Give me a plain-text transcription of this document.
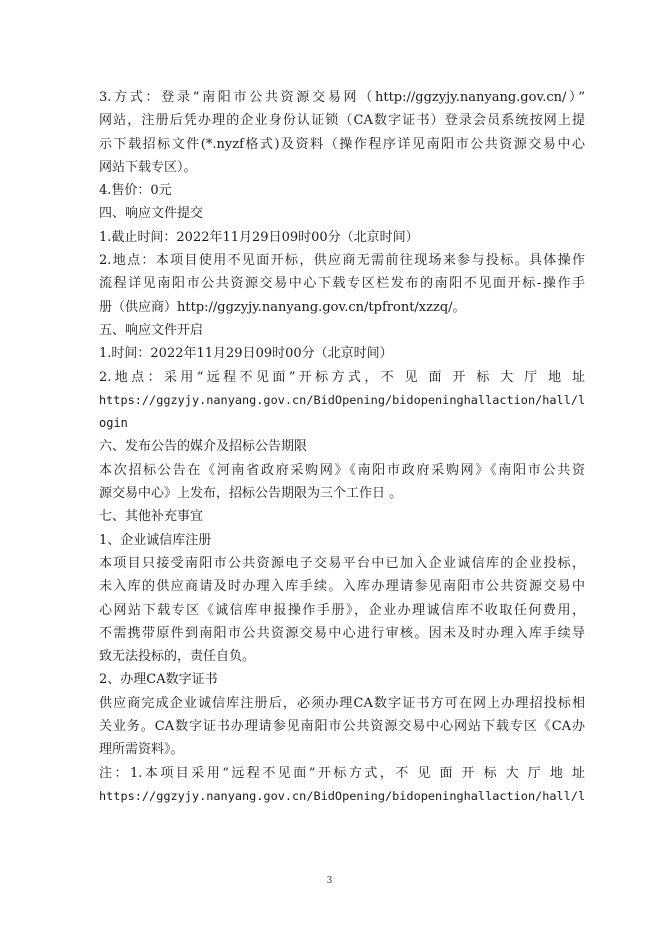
3.方式：登录“南阳市公共资源交易网（http://ggzyjy.nanyang.gov.cn/）”
网站，注册后凭办理的企业身份认证锁（CA数字证书）登录会员系统按网上提
示下载招标文件(*.nyzf格式)及资料（操作程序详见南阳市公共资源交易中心
网站下载专区）。
4.售价：0元
四、响应文件提交
1.截止时间：2022年11月29日09时00分（北京时间）
2.地点：本项目使用不见面开标，供应商无需前往现场来参与投标。具体操作
流程详见南阳市公共资源交易中心下载专区栏发布的南阳不见面开标-操作手
册（供应商）http://ggzyjy.nanyang.gov.cn/tpfront/xzzq/。
五、响应文件开启
1.时间：2022年11月29日09时00分（北京时间）
2.地点：采用“远程不见面”开标方式，不 见 面 开 标 大 厅 地 址
https://ggzyjy.nanyang.gov.cn/BidOpening/bidopeninghallaction/hall/l
ogin
六、发布公告的媒介及招标公告期限
本次招标公告在《河南省政府采购网》《南阳市政府采购网》《南阳市公共资
源交易中心》上发布，招标公告期限为三个工作日 。
七、其他补充事宜
1、企业诚信库注册
本项目只接受南阳市公共资源电子交易平台中已加入企业诚信库的企业投标，
未入库的供应商请及时办理入库手续。入库办理请参见南阳市公共资源交易中
心网站下载专区《诚信库申报操作手册》，企业办理诚信库不收取任何费用，
不需携带原件到南阳市公共资源交易中心进行审核。因未及时办理入库手续导
致无法投标的，责任自负。
2、办理CA数字证书
供应商完成企业诚信库注册后，必须办理CA数字证书方可在网上办理招投标相
关业务。CA数字证书办理请参见南阳市公共资源交易中心网站下载专区《CA办
理所需资料》。
注：1.本项目采用“远程不见面”开标方式，不 见 面 开 标 大 厅 地 址
https://ggzyjy.nanyang.gov.cn/BidOpening/bidopeninghallaction/hall/l
3
